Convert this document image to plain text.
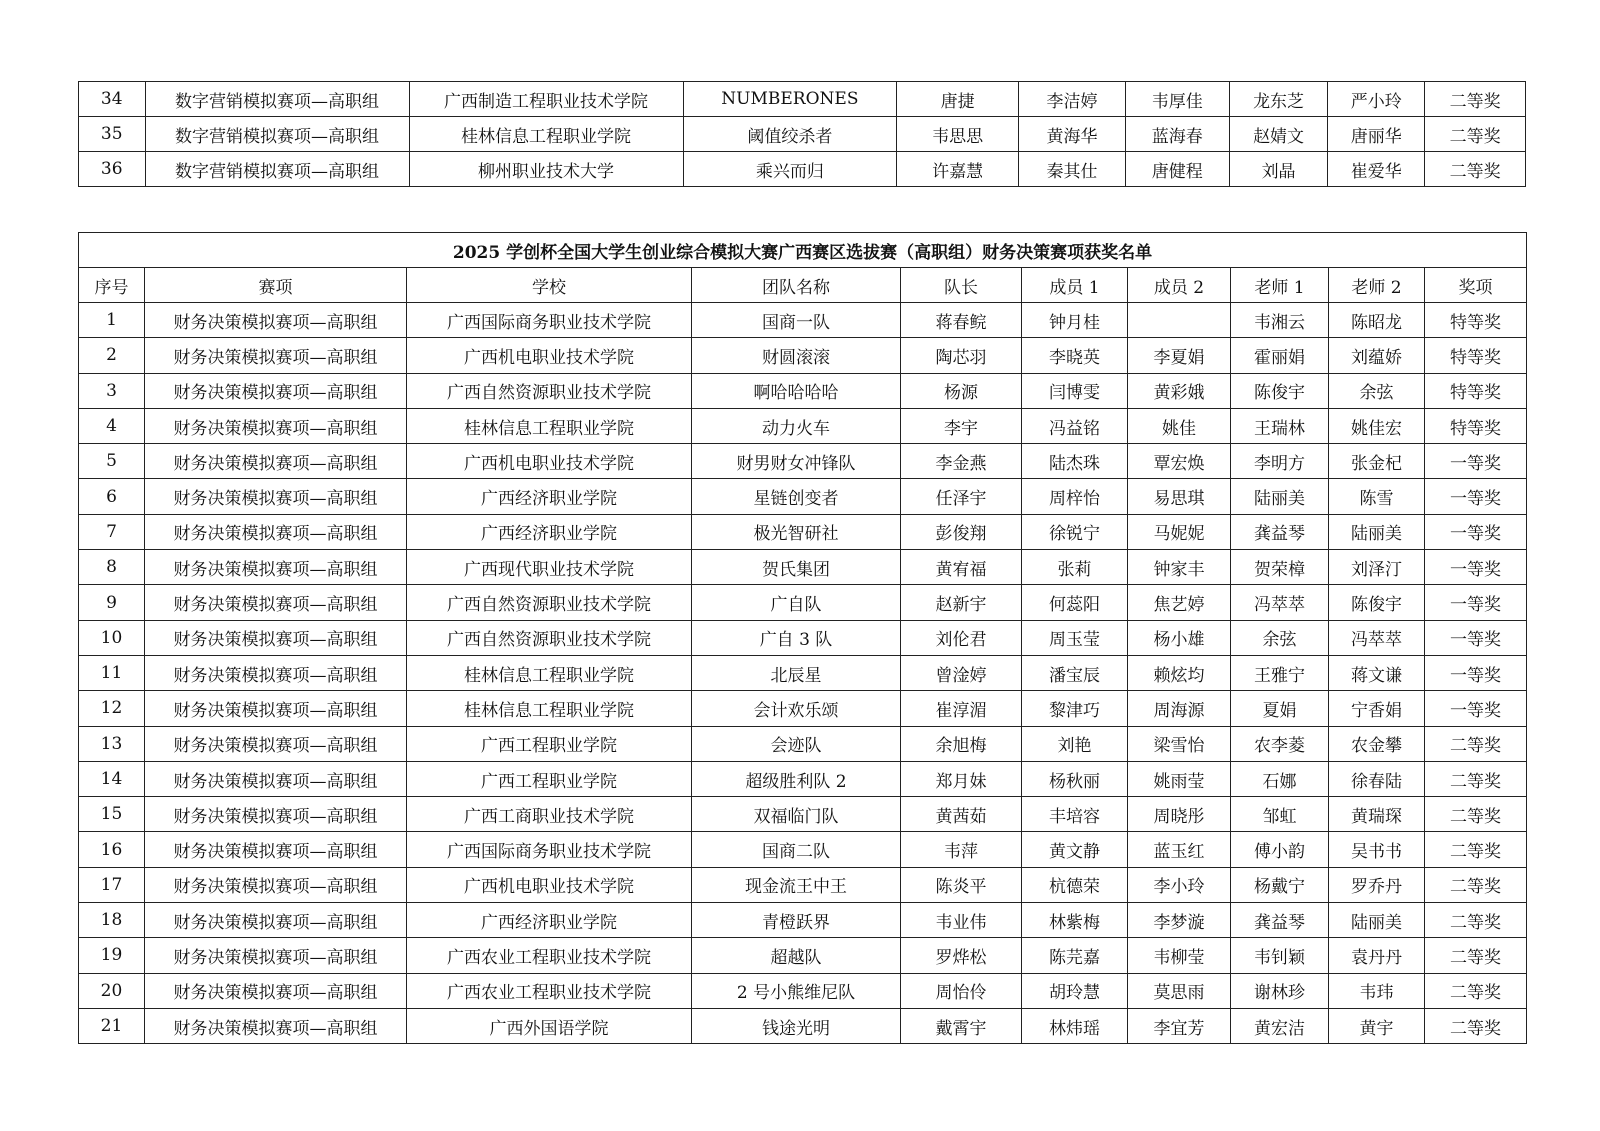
34	数字营销模拟赛项—高职组	广西制造工程职业技术学院	NUMBERONES	唐捷	李洁婷	韦厚佳	龙东芝	严小玲	二等奖
35	数字营销模拟赛项—高职组	桂林信息工程职业学院	阈值绞杀者	韦思思	黄海华	蓝海春	赵婧文	唐丽华	二等奖
36	数字营销模拟赛项—高职组	柳州职业技术大学	乘兴而归	许嘉慧	秦其仕	唐健程	刘晶	崔爱华	二等奖
2025 学创杯全国大学生创业综合模拟大赛广西赛区选拔赛（高职组）财务决策赛项获奖名单									
序号	赛项	学校	团队名称	队长	成员 1	成员 2	老师 1	老师 2	奖项
1	财务决策模拟赛项—高职组	广西国际商务职业技术学院	国商一队	蒋春鲩	钟月桂		韦湘云	陈昭龙	特等奖
2	财务决策模拟赛项—高职组	广西机电职业技术学院	财圆滚滚	陶芯羽	李晓英	李夏娟	霍丽娟	刘蕴娇	特等奖
3	财务决策模拟赛项—高职组	广西自然资源职业技术学院	啊哈哈哈哈	杨源	闫博雯	黄彩娥	陈俊宇	余弦	特等奖
4	财务决策模拟赛项—高职组	桂林信息工程职业学院	动力火车	李宇	冯益铭	姚佳	王瑞林	姚佳宏	特等奖
5	财务决策模拟赛项—高职组	广西机电职业技术学院	财男财女冲锋队	李金燕	陆杰珠	覃宏焕	李明方	张金杞	一等奖
6	财务决策模拟赛项—高职组	广西经济职业学院	星链创变者	任泽宇	周梓怡	易思琪	陆丽美	陈雪	一等奖
7	财务决策模拟赛项—高职组	广西经济职业学院	极光智研社	彭俊翔	徐锐宁	马妮妮	龚益琴	陆丽美	一等奖
8	财务决策模拟赛项—高职组	广西现代职业技术学院	贺氏集团	黄宥福	张莉	钟家丰	贺荣樟	刘泽汀	一等奖
9	财务决策模拟赛项—高职组	广西自然资源职业技术学院	广自队	赵新宇	何蕊阳	焦艺婷	冯萃萃	陈俊宇	一等奖
10	财务决策模拟赛项—高职组	广西自然资源职业技术学院	广自 3 队	刘伦君	周玉莹	杨小雄	余弦	冯萃萃	一等奖
11	财务决策模拟赛项—高职组	桂林信息工程职业学院	北辰星	曾淦婷	潘宝辰	赖炫均	王雅宁	蒋文谦	一等奖
12	财务决策模拟赛项—高职组	桂林信息工程职业学院	会计欢乐颂	崔淳湄	黎津巧	周海源	夏娟	宁香娟	一等奖
13	财务决策模拟赛项—高职组	广西工程职业学院	会迹队	余旭梅	刘艳	梁雪怡	农李菱	农金攀	二等奖
14	财务决策模拟赛项—高职组	广西工程职业学院	超级胜利队 2	郑月妹	杨秋丽	姚雨莹	石娜	徐春陆	二等奖
15	财务决策模拟赛项—高职组	广西工商职业技术学院	双福临门队	黄茜茹	丰培容	周晓彤	邹虹	黄瑞琛	二等奖
16	财务决策模拟赛项—高职组	广西国际商务职业技术学院	国商二队	韦萍	黄文静	蓝玉红	傅小韵	吴书书	二等奖
17	财务决策模拟赛项—高职组	广西机电职业技术学院	现金流王中王	陈炎平	杭德荣	李小玲	杨戴宁	罗乔丹	二等奖
18	财务决策模拟赛项—高职组	广西经济职业学院	青橙跃界	韦业伟	林紫梅	李梦漩	龚益琴	陆丽美	二等奖
19	财务决策模拟赛项—高职组	广西农业工程职业技术学院	超越队	罗烨松	陈芫嘉	韦柳莹	韦钊颖	袁丹丹	二等奖
20	财务决策模拟赛项—高职组	广西农业工程职业技术学院	2 号小熊维尼队	周怡伶	胡玲慧	莫思雨	谢林珍	韦玮	二等奖
21	财务决策模拟赛项—高职组	广西外国语学院	钱途光明	戴霄宇	林炜瑶	李宜芳	黄宏洁	黄宇	二等奖
